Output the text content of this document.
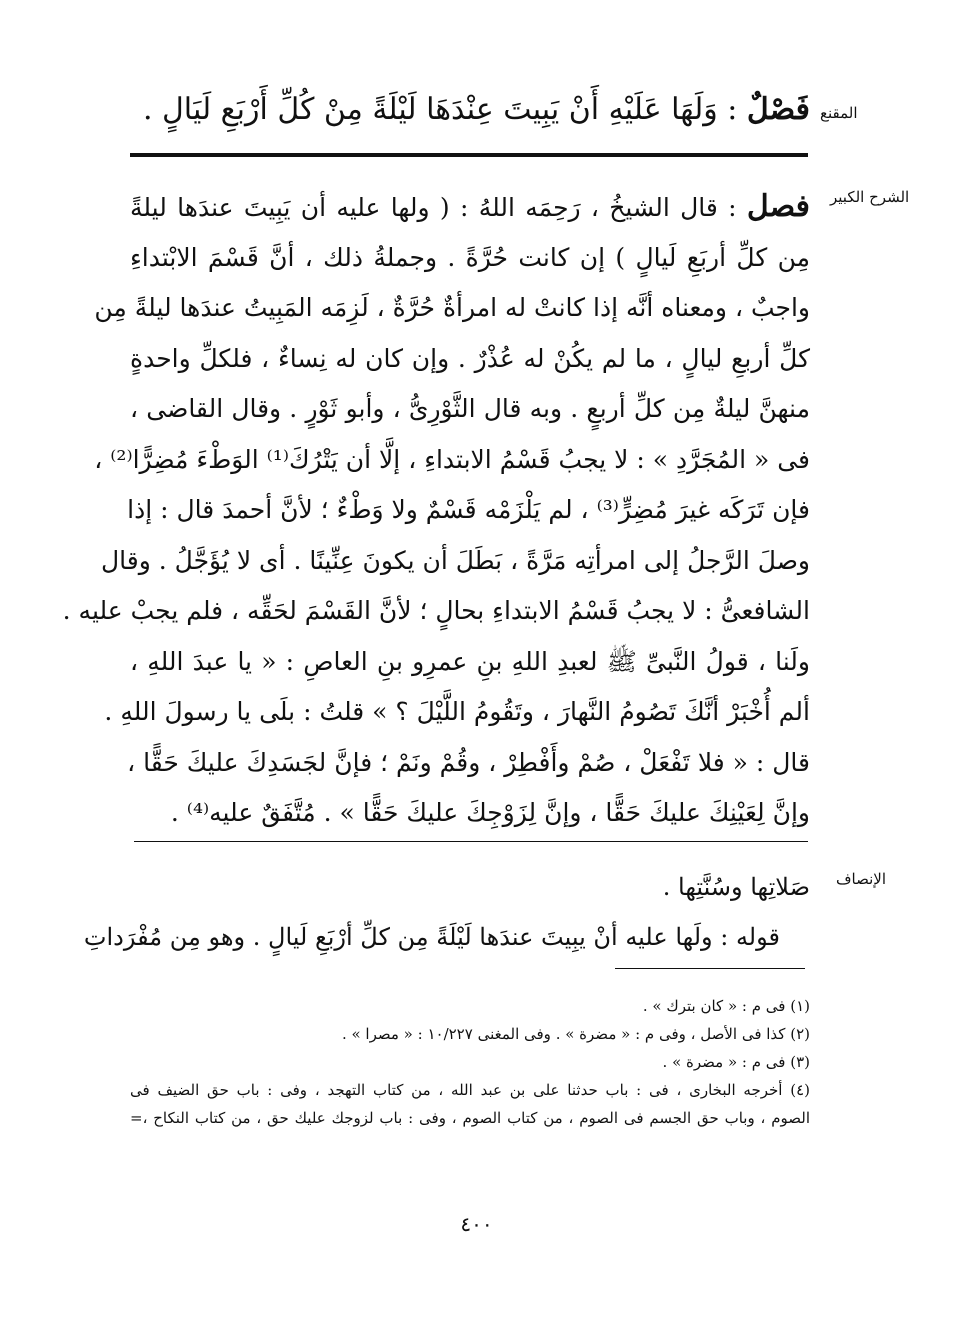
المقنع
الشرح الكبير
الإنصاف
فَصْلٌ : وَلَهَا عَلَيْهِ أَنْ يَبِيتَ عِنْدَهَا لَيْلَةً مِنْ كُلِّ أَرْبَعِ لَيَالٍ .
فصل : قال الشيخُ ، رَحِمَه اللهُ : ( ولها عليه أن يَبِيتَ عندَها ليلةً
مِن كلِّ أربَعِ لَيالٍ ) إن كانت حُرَّةً . وجملةُ ذلك ، أنَّ قَسْمَ الابْتداءِ
واجبٌ ، ومعناه أنَّه إذا كانتْ له امرأةٌ حُرَّةٌ ، لَزِمَه المَبِيتُ عندَها ليلةً مِن
كلِّ أربعِ ليالٍ ، ما لم يكُنْ له عُذْرٌ . وإن كان له نِساءٌ ، فلكلِّ واحدةٍ
منهنَّ ليلةٌ مِن كلِّ أربعٍ . وبه قال الثَّوْرِىُّ ، وأبو ثَوْرٍ . وقال القاضى ،
فى « المُجَرَّدِ » : لا يجبُ قَسْمُ الابتداءِ ، إلَّا أن يَتْرُكَ⁽¹⁾ الوَطْءَ مُضِرًّا⁽²⁾ ،
فإن تَرَكَه غيرَ مُضِرٍّ⁽³⁾ ، لم يَلْزَمْه قَسْمٌ ولا وَطْءٌ ؛ لأنَّ أحمدَ قال : إذا
وصلَ الرَّجلُ إلى امرأتِه مَرَّةً ، بَطَلَ أن يكونَ عِنِّينًا . أى لا يُؤَجَّلُ . وقال
الشافعىُّ : لا يجبُ قَسْمُ الابتداءِ بحالٍ ؛ لأنَّ القَسْمَ لحَقِّه ، فلم يجبْ عليه .
ولَنا ، قولُ النَّبىِّ ﷺ لعبدِ اللهِ بنِ عمرِو بنِ العاصِ : « يا عبدَ اللهِ ،
ألم أُخْبَرْ أنَّكَ تَصُومُ النَّهارَ ، وتَقُومُ اللَّيْلَ ؟ » قلتُ : بلَى يا رسولَ اللهِ .
قال : « فلا تَفْعَلْ ، صُمْ وأَفْطِرْ ، وقُمْ ونَمْ ؛ فإنَّ لجَسَدِكَ عليكَ حَقًّا ،
وإنَّ لِعَيْنِكَ عليكَ حَقًّا ، وإنَّ لِزَوْجِكَ عليكَ حَقًّا » . مُتَّفَقٌ عليه⁽⁴⁾ .
صَلاتِها وسُنَّتِها .
قوله : ولَها عليه أنْ يبِيتَ عندَها لَيْلَةً مِن كلِّ أرْبَعِ لَيالٍ . وهو مِن مُفْرَداتِ
(١) فى م : « كان بترك » .
(٢) كذا فى الأصل ، وفى م : « مضرة » . وفى المغنى ١٠/٢٢٧ : « مصرا » .
(٣) فى م : « مضرة » .
(٤) أخرجه البخارى ، فى : باب حدثنا على بن عبد الله ، من كتاب التهجد ، وفى : باب حق الضيف فى
الصوم ، وباب حق الجسم فى الصوم ، من كتاب الصوم ، وفى : باب لزوجك عليك حق ، من كتاب النكاح ،=
٤٠٠
